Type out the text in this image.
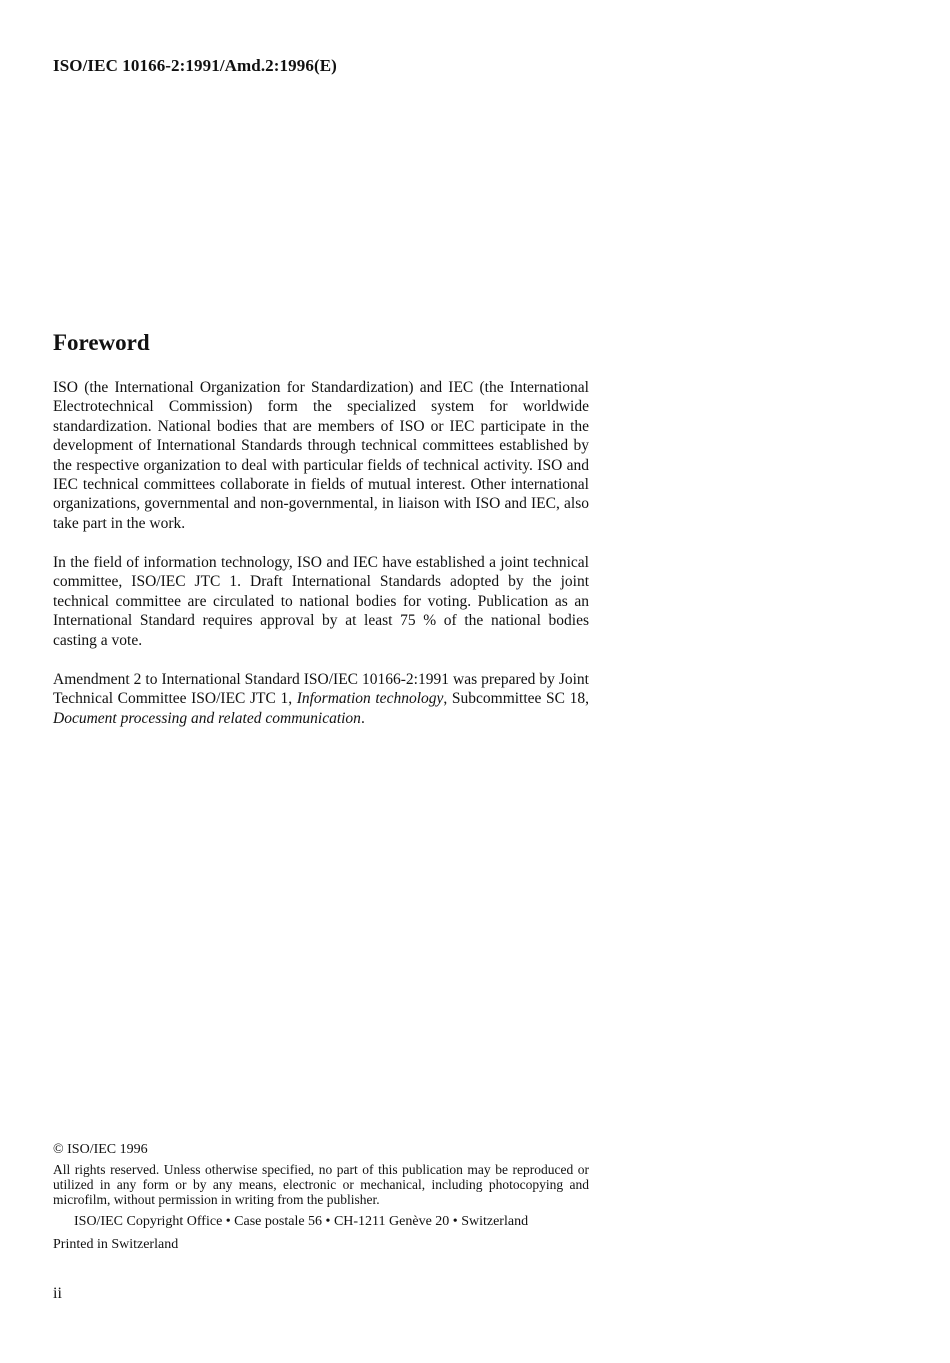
ISO/IEC 10166-2:1991/Amd.2:1996(E)
Foreword

ISO (the International Organization for Standardization) and IEC (the International Electrotechnical Commission) form the specialized system for worldwide standardization. National bodies that are members of ISO or IEC participate in the development of International Standards through technical committees established by the respective organization to deal with particular fields of technical activity. ISO and IEC technical committees collaborate in fields of mutual interest. Other international organizations, governmental and non-governmental, in liaison with ISO and IEC, also take part in the work.

In the field of information technology, ISO and IEC have established a joint technical committee, ISO/IEC JTC 1. Draft International Standards adopted by the joint technical committee are circulated to national bodies for voting. Publication as an International Standard requires approval by at least 75 % of the national bodies casting a vote.

Amendment 2 to International Standard ISO/IEC 10166-2:1991 was prepared by Joint Technical Committee ISO/IEC JTC 1, Information technology, Subcommittee SC 18, Document processing and related communication.

© ISO/IEC 1996

All rights reserved. Unless otherwise specified, no part of this publication may be reproduced or utilized in any form or by any means, electronic or mechanical, including photocopying and microfilm, without permission in writing from the publisher.

ISO/IEC Copyright Office • Case postale 56 • CH-1211 Genève 20 • Switzerland
Printed in Switzerland
ii
